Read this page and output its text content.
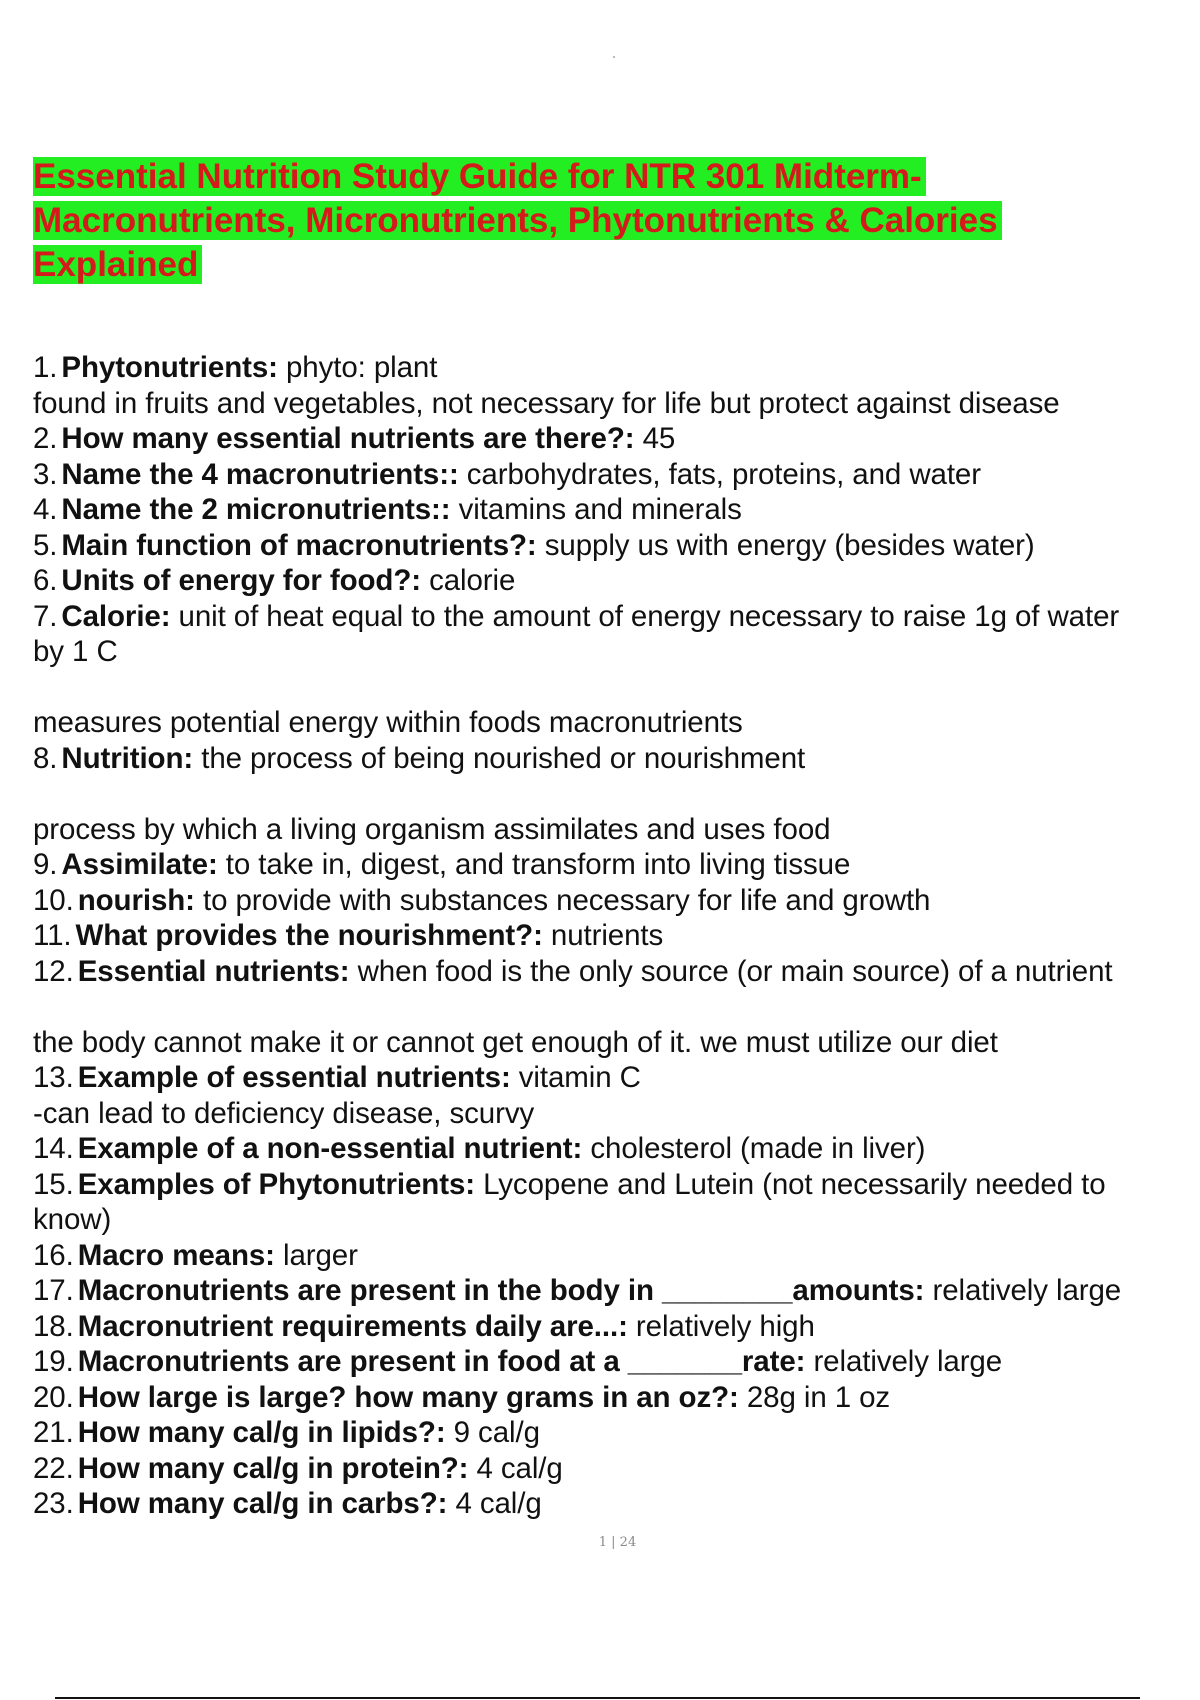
Essential Nutrition Study Guide for NTR 301 Midterm-
Macronutrients, Micronutrients, Phytonutrients & Calories
Explained
1. Phytonutrients: phyto: plant
found in fruits and vegetables, not necessary for life but protect against disease
2. How many essential nutrients are there?: 45
3. Name the 4 macronutrients:: carbohydrates, fats, proteins, and water
4. Name the 2 micronutrients:: vitamins and minerals
5. Main function of macronutrients?: supply us with energy (besides water)
6. Units of energy for food?: calorie
7. Calorie: unit of heat equal to the amount of energy necessary to raise 1g of water
by 1 C
measures potential energy within foods macronutrients
8. Nutrition: the process of being nourished or nourishment
process by which a living organism assimilates and uses food
9. Assimilate: to take in, digest, and transform into living tissue
10. nourish: to provide with substances necessary for life and growth
11. What provides the nourishment?: nutrients
12. Essential nutrients: when food is the only source (or main source) of a nutrient
the body cannot make it or cannot get enough of it. we must utilize our diet
13. Example of essential nutrients: vitamin C
-can lead to deficiency disease, scurvy
14. Example of a non-essential nutrient: cholesterol (made in liver)
15. Examples of Phytonutrients: Lycopene and Lutein (not necessarily needed to
know)
16. Macro means: larger
17. Macronutrients are present in the body in ________amounts: relatively large
18. Macronutrient requirements daily are...: relatively high
19. Macronutrients are present in food at a _______rate: relatively large
20. How large is large? how many grams in an oz?: 28g in 1 oz
21. How many cal/g in lipids?: 9 cal/g
22. How many cal/g in protein?: 4 cal/g
23. How many cal/g in carbs?: 4 cal/g
1 | 24
